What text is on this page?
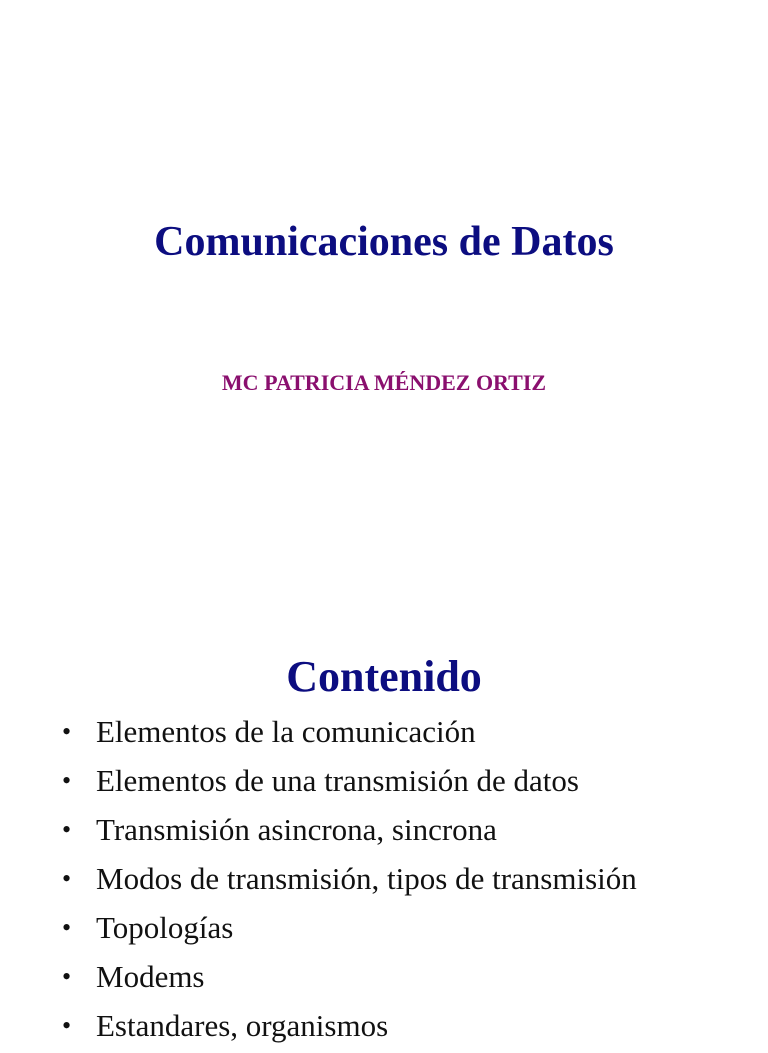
Comunicaciones de Datos
MC PATRICIA MÉNDEZ ORTIZ
Contenido
• Elementos de la comunicación
• Elementos de una transmisión de datos
• Transmisión asincrona, sincrona
• Modos de transmisión, tipos de transmisión
• Topologías
• Modems
• Estandares, organismos
